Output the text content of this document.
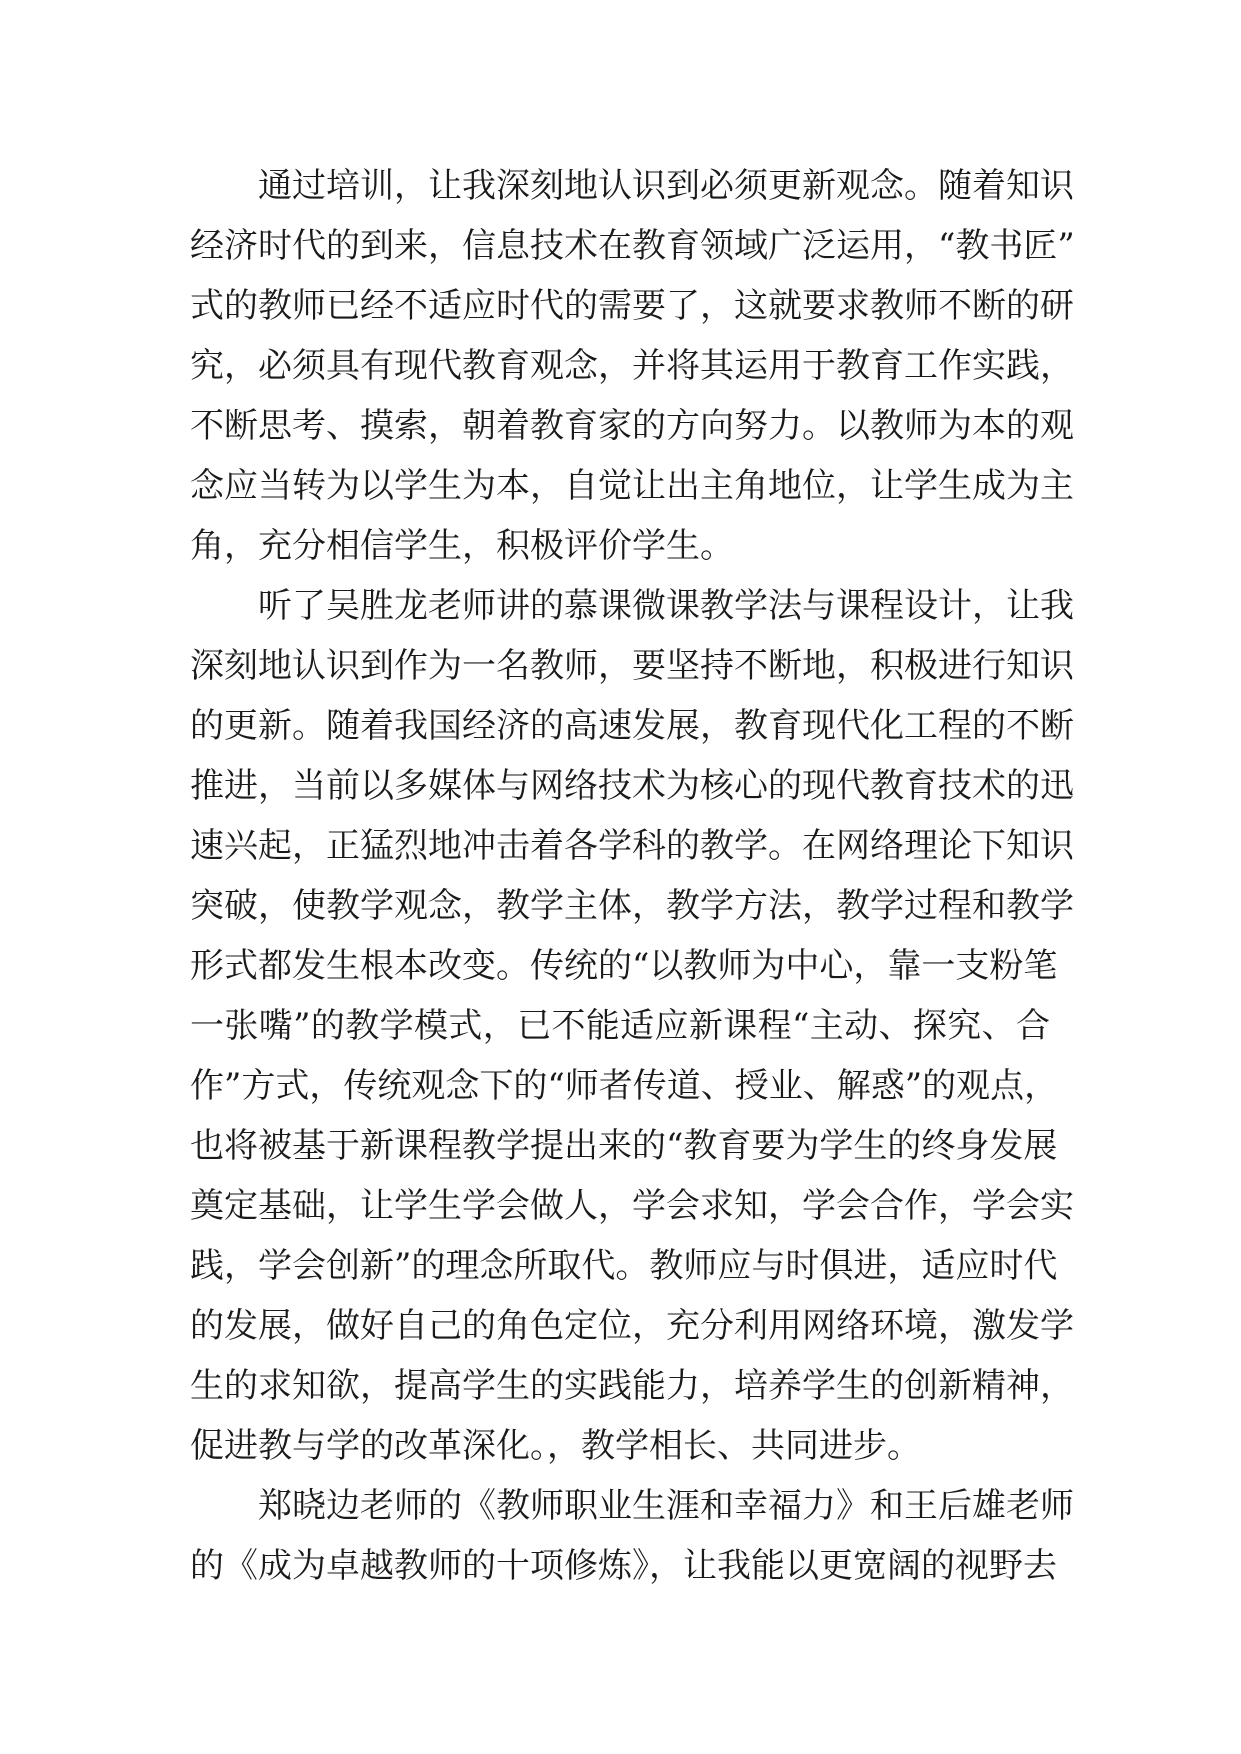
通过培训，让我深刻地认识到必须更新观念。随着知识
经济时代的到来，信息技术在教育领域广泛运用，“教书匠”
式的教师已经不适应时代的需要了，这就要求教师不断的研
究，必须具有现代教育观念，并将其运用于教育工作实践，
不断思考、摸索，朝着教育家的方向努力。以教师为本的观
念应当转为以学生为本，自觉让出主角地位，让学生成为主
角，充分相信学生，积极评价学生。
听了吴胜龙老师讲的慕课微课教学法与课程设计，让我
深刻地认识到作为一名教师，要坚持不断地，积极进行知识
的更新。随着我国经济的高速发展，教育现代化工程的不断
推进，当前以多媒体与网络技术为核心的现代教育技术的迅
速兴起，正猛烈地冲击着各学科的教学。在网络理论下知识
突破，使教学观念，教学主体，教学方法，教学过程和教学
形式都发生根本改变。传统的“以教师为中心，靠一支粉笔
一张嘴”的教学模式，已不能适应新课程“主动、探究、合
作”方式，传统观念下的“师者传道、授业、解惑”的观点，
也将被基于新课程教学提出来的“教育要为学生的终身发展
奠定基础，让学生学会做人，学会求知，学会合作，学会实
践，学会创新”的理念所取代。教师应与时俱进，适应时代
的发展，做好自己的角色定位，充分利用网络环境，激发学
生的求知欲，提高学生的实践能力，培养学生的创新精神，
促进教与学的改革深化。，教学相长、共同进步。
郑晓边老师的《教师职业生涯和幸福力》和王后雄老师
的《成为卓越教师的十项修炼》，让我能以更宽阔的视野去
